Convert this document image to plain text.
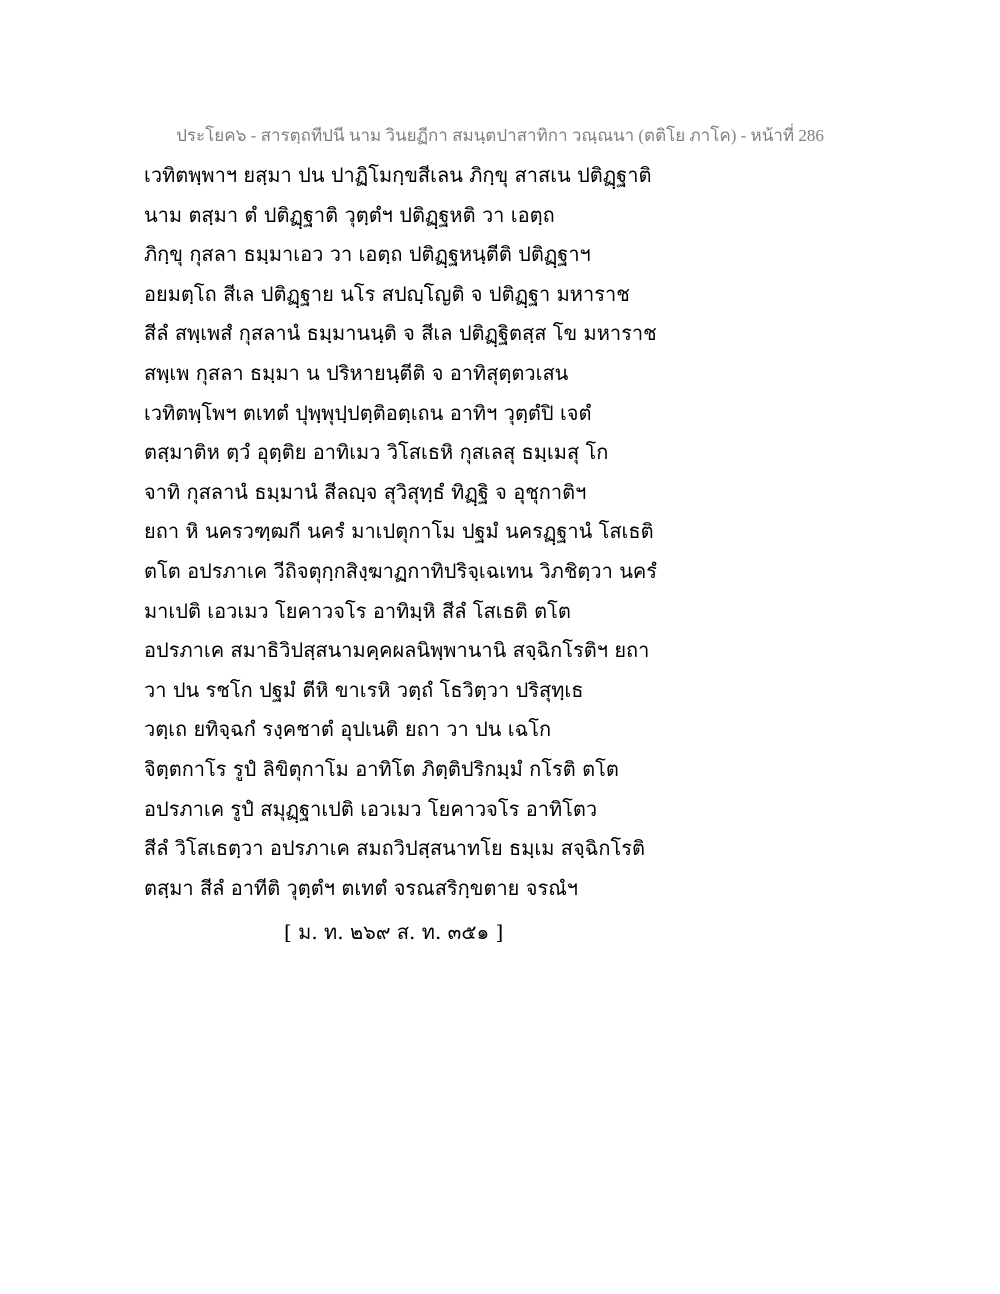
ประโยค๖ - สารตฺถทีปนี นาม วินยฏีกา สมนฺตปาสาทิกา วณฺณนา (ตติโย ภาโค) - หน้าที่ 286
เวทิตพฺพาฯ ยสฺมา ปน ปาฏิโมกฺขสีเลน ภิกฺขุ สาสเน ปติฏฺฐาติ
นาม ตสฺมา ตํ ปติฏฺฐาติ วุตฺตํฯ ปติฏฺฐหติ วา เอตฺถ
ภิกฺขุ กุสลา ธมฺมาเอว วา เอตฺถ ปติฏฺฐหนฺตีติ ปติฏฺฐาฯ
อยมตฺโถ สีเล ปติฏฺฐาย นโร สปญฺโญติ จ ปติฏฺฐา มหาราช
สีลํ สพฺเพสํ กุสลานํ ธมฺมานนฺติ จ สีเล ปติฏฺฐิตสฺส โข มหาราช
สพฺเพ กุสลา ธมฺมา น ปริหายนฺตีติ จ อาทิสุตฺตวเสน
เวทิตพฺโพฯ ตเทตํ ปุพฺพุปฺปตฺติอตฺเถน อาทิฯ วุตฺตํปิ เจตํ
ตสฺมาติห ตฺวํ อุตฺติย อาทิเมว วิโสเธหิ กุสเลสุ ธมฺเมสุ โก
จาทิ กุสลานํ ธมฺมานํ สีลญฺจ สุวิสุทฺธํ ทิฏฺฐิ จ อุชุกาติฯ
ยถา หิ นครวฑฺฒกี นครํ มาเปตุกาโม ปฐมํ นครฏฺฐานํ โสเธติ
ตโต อปรภาเค วีถิจตุกฺกสิงฺฆาฏกาทิปริจฺเฉเทน วิภชิตฺวา นครํ
มาเปติ เอวเมว โยคาวจโร อาทิมฺหิ สีลํ โสเธติ ตโต
อปรภาเค สมาธิวิปสฺสนามคฺคผลนิพฺพานานิ สจฺฉิกโรติฯ ยถา
วา ปน รชโก ปฐมํ ตีหิ ขาเรหิ วตฺถํ โธวิตฺวา ปริสุทฺเธ
วตฺเถ ยทิจฺฉกํ รงฺคชาตํ อุปเนติ ยถา วา ปน เฉโก
จิตฺตกาโร รูปํ ลิขิตุกาโม อาทิโต ภิตฺติปริกมฺมํ กโรติ ตโต
อปรภาเค รูปํ สมุฏฺฐาเปติ เอวเมว โยคาวจโร อาทิโตว
สีลํ วิโสเธตฺวา อปรภาเค สมถวิปสฺสนาทโย ธมฺเม สจฺฉิกโรติ
ตสฺมา สีลํ อาทีติ วุตฺตํฯ ตเทตํ จรณสริกฺขตาย จรณํฯ
[ ม. ท. ๒๖๙ ส. ท. ๓๕๑ ]
